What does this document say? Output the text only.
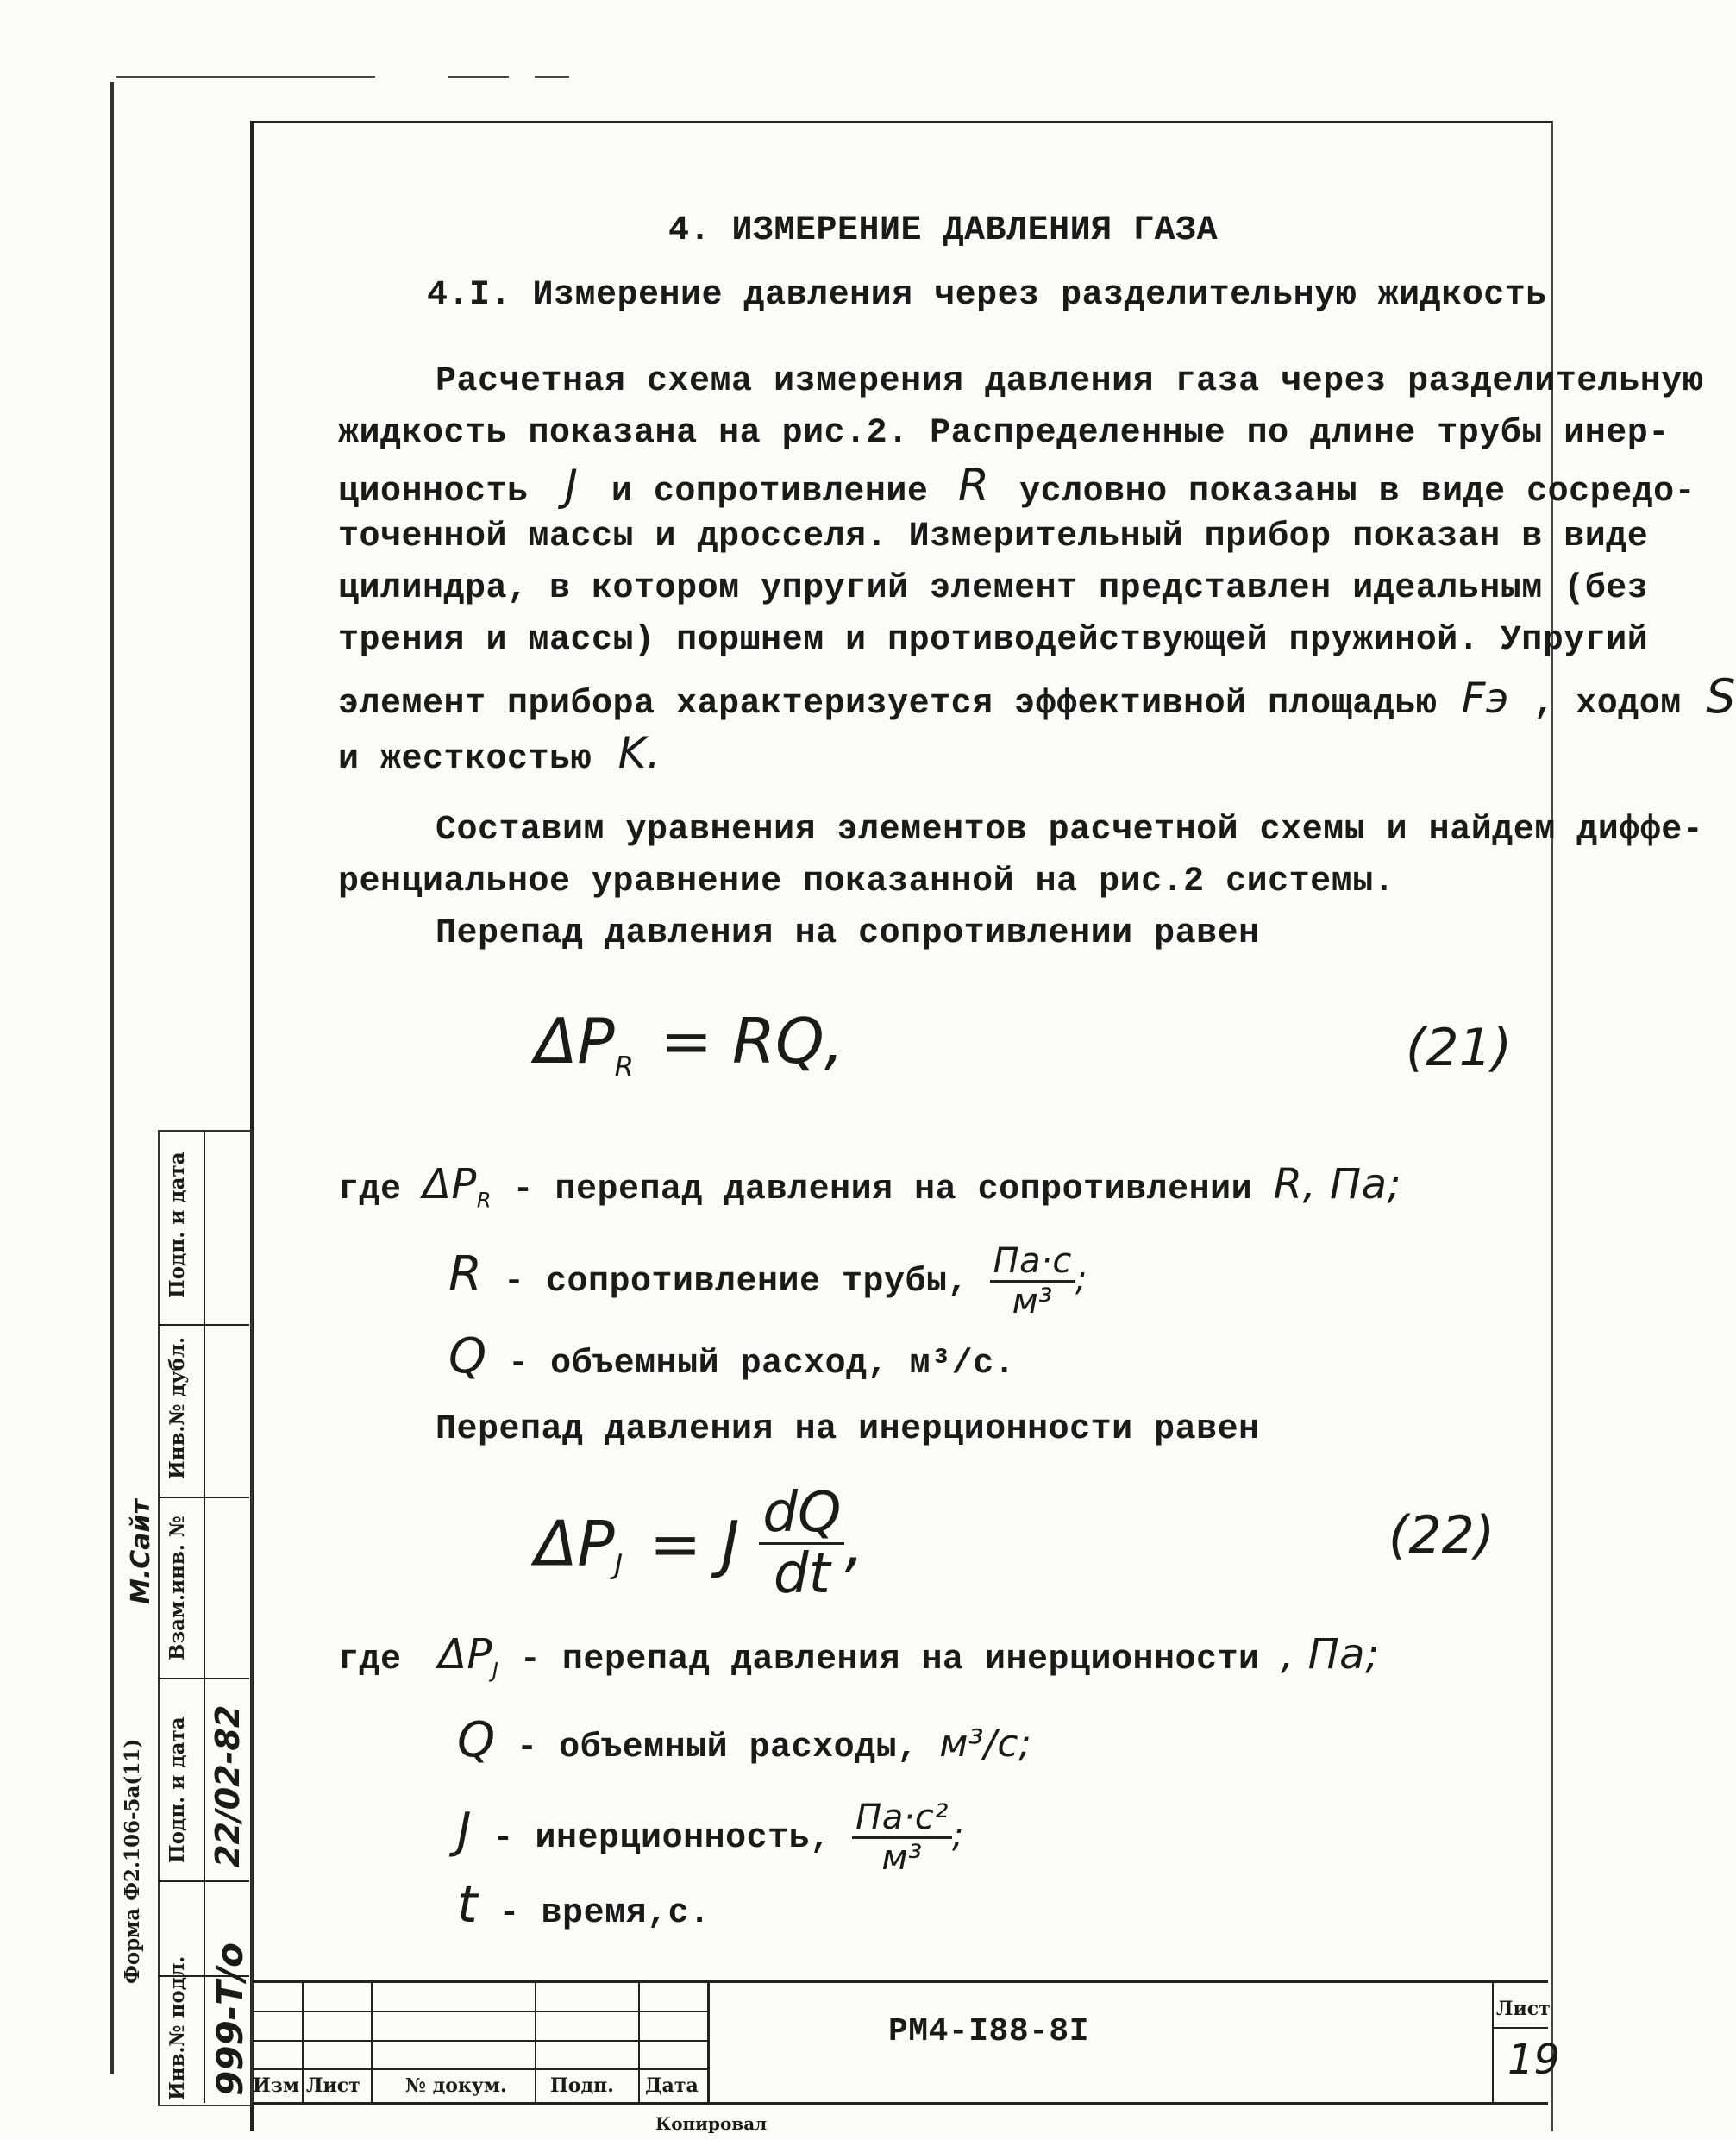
4. ИЗМЕРЕНИЕ ДАВЛЕНИЯ ГАЗА
4.I. Измерение давления через разделительную жидкость
Расчетная схема измерения давления газа через разделительную
жидкость показана на рис.2. Распределенные по длине трубы инер-
ционность J и сопротивление R условно показаны в виде сосредо-
точенной массы и дросселя. Измерительный прибор показан в виде
цилиндра, в котором упругий элемент представлен идеальным (без
трения и массы) поршнем и противодействующей пружиной. Упругий
элемент прибора характеризуется эффективной площадью Fэ , ходом S
и жесткостью K.
Составим уравнения элементов расчетной схемы и найдем диффе-
ренциальное уравнение показанной на рис.2 системы.
Перепад давления на сопротивлении равен
$\Delta P_R$ = RQ,	(21)
где $\Delta P_R$ - перепад давления на сопротивлении R, Па;
R - сопротивление трубы, $\frac{Па\cdot с}{\text{м³}}$ ;
Q - объемный расход, м³/с.
Перепад давления на инерционности равен
$\Delta P_J = J \frac{dQ}{dt}$ ,	(22)
где $\Delta P_J$ - перепад давления на инерционности , Па;
Q - объемный расходы, м³/с;
J - инерционность, $\frac{\text{Па·с²}}{\text{м³}}$ ;
t - время,с.
Изм Лист № докум. Подп. Дата
РМ4-I88-8I
Лист
19
Копировал
Форма Ф2.106-5а(11)
Подп. и дата
Инв.№ дубл.
Взам.инв. №
Подп. и дата
Инв.№ подл. 999-Т/о
22/02-82
М.Сайт
